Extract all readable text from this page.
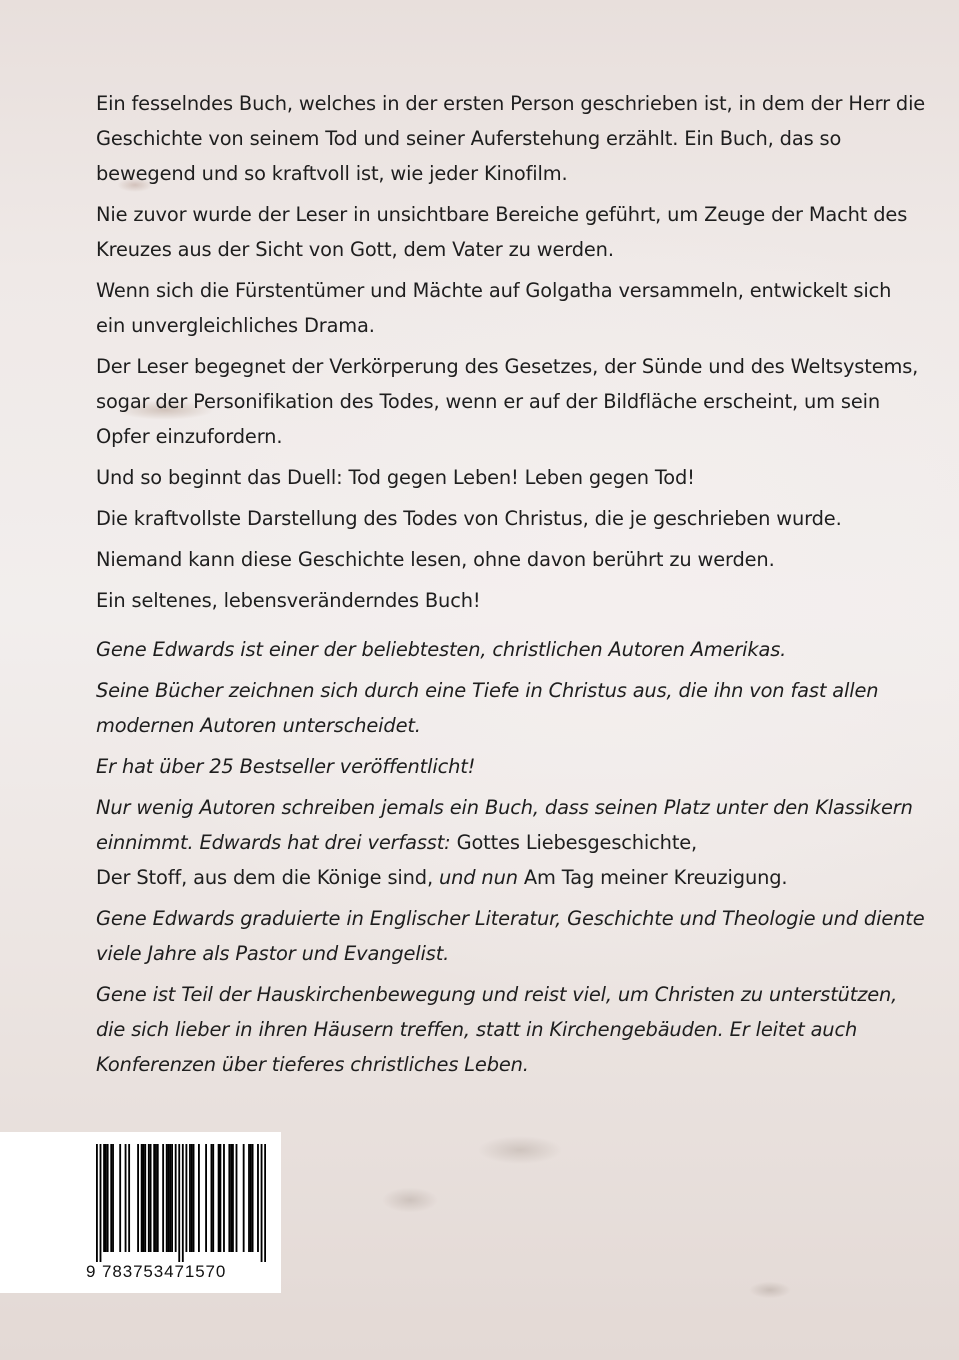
Ein fesselndes Buch, welches in der ersten Person geschrieben ist, in dem der Herr die Geschichte von seinem Tod und seiner Auferstehung erzählt. Ein Buch, das so bewegend und so kraftvoll ist, wie jeder Kinofilm.

Nie zuvor wurde der Leser in unsichtbare Bereiche geführt, um Zeuge der Macht des Kreuzes aus der Sicht von Gott, dem Vater zu werden.

Wenn sich die Fürstentümer und Mächte auf Golgatha versammeln, entwickelt sich ein unvergleichliches Drama.

Der Leser begegnet der Verkörperung des Gesetzes, der Sünde und des Weltsystems, sogar der Personifikation des Todes, wenn er auf der Bildfläche erscheint, um sein Opfer einzufordern.

Und so beginnt das Duell: Tod gegen Leben! Leben gegen Tod!

Die kraftvollste Darstellung des Todes von Christus, die je geschrieben wurde.

Niemand kann diese Geschichte lesen, ohne davon berührt zu werden.

Ein seltenes, lebensveränderndes Buch!

Gene Edwards ist einer der beliebtesten, christlichen Autoren Amerikas.

Seine Bücher zeichnen sich durch eine Tiefe in Christus aus, die ihn von fast allen modernen Autoren unterscheidet.

Er hat über 25 Bestseller veröffentlicht!

Nur wenig Autoren schreiben jemals ein Buch, dass seinen Platz unter den Klassikern einnimmt. Edwards hat drei verfasst: Gottes Liebesgeschichte,
Der Stoff, aus dem die Könige sind, und nun Am Tag meiner Kreuzigung.

Gene Edwards graduierte in Englischer Literatur, Geschichte und Theologie und diente viele Jahre als Pastor und Evangelist.

Gene ist Teil der Hauskirchenbewegung und reist viel, um Christen zu unterstützen, die sich lieber in ihren Häusern treffen, statt in Kirchengebäuden. Er leitet auch Konferenzen über tieferes christliches Leben.

9 783753471570
